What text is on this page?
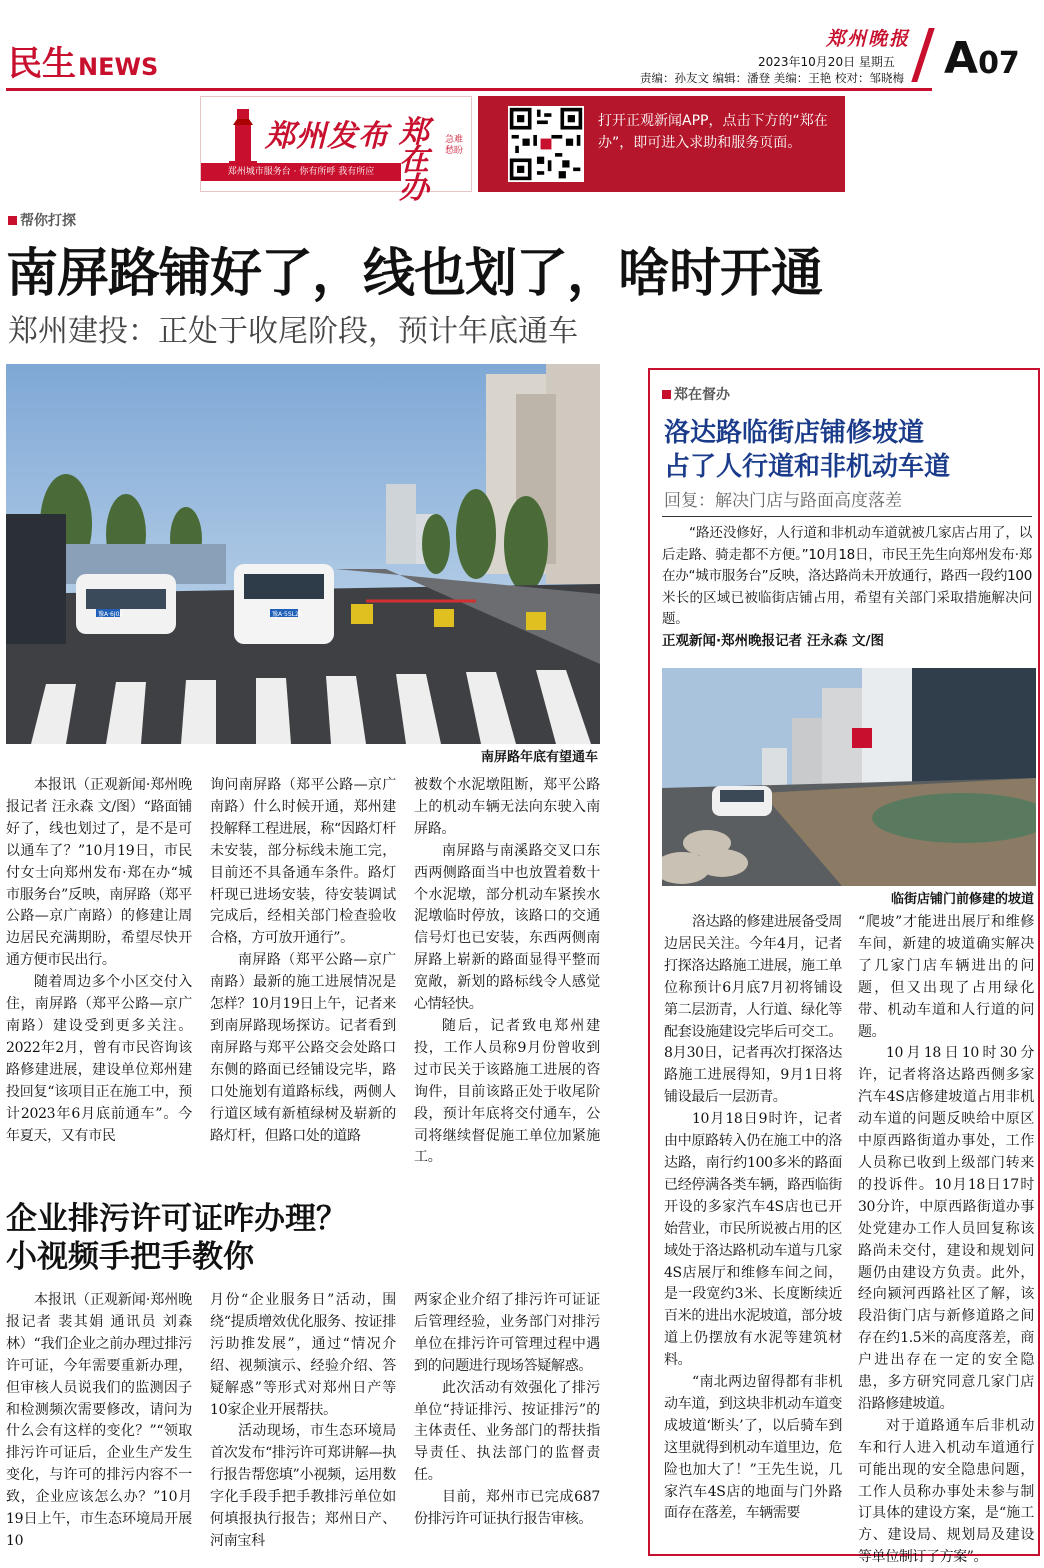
民生NEWS
郑州晚报
2023年10月20日 星期五
责编：孙友文 编辑：潘登 美编：王艳 校对：邹晓梅 A07
郑州发布
郑州城市服务台 · 你有所呼 我有所应
郑在办
急难愁盼
打开正观新闻APP，点击下方的“郑在办”，即可进入求助和服务页面。
帮你打探
南屏路铺好了，线也划了，啥时开通
郑州建投：正处于收尾阶段，预计年底通车
豫A·6J0Z	豫A·5SL29
南屏路年底有望通车

本报讯（正观新闻·郑州晚报记者 汪永森 文/图）“路面铺好了，线也划过了，是不是可以通车了？”10月19日，市民付女士向郑州发布·郑在办“城市服务台”反映，南屏路（郑平公路—京广南路）的修建让周边居民充满期盼，希望尽快开通方便市民出行。

随着周边多个小区交付入住，南屏路（郑平公路—京广南路）建设受到更多关注。2022年2月，曾有市民咨询该路修建进展，建设单位郑州建投回复“该项目正在施工中，预计2023年6月底前通车”。今年夏天，又有市民

询问南屏路（郑平公路—京广南路）什么时候开通，郑州建投解释工程进展，称“因路灯杆未安装，部分标线未施工完，目前还不具备通车条件。路灯杆现已进场安装，待安装调试完成后，经相关部门检查验收合格，方可放开通行”。

南屏路（郑平公路—京广南路）最新的施工进展情况是怎样？10月19日上午，记者来到南屏路现场探访。记者看到南屏路与郑平公路交会处路口东侧的路面已经铺设完毕，路口处施划有道路标线，两侧人行道区域有新植绿树及崭新的路灯杆，但路口处的道路

被数个水泥墩阻断，郑平公路上的机动车辆无法向东驶入南屏路。

南屏路与南溪路交叉口东西两侧路面当中也放置着数十个水泥墩，部分机动车紧挨水泥墩临时停放，该路口的交通信号灯也已安装，东西两侧南屏路上崭新的路面显得平整而宽敞，新划的路标线令人感觉心情轻快。

随后，记者致电郑州建投，工作人员称9月份曾收到过市民关于该路施工进展的咨询件，目前该路正处于收尾阶段，预计年底将交付通车，公司将继续督促施工单位加紧施工。

企业排污许可证咋办理？
小视频手把手教你

本报讯（正观新闻·郑州晚报记者 裴其娟 通讯员 刘森林）“我们企业之前办理过排污许可证，今年需要重新办理，但审核人员说我们的监测因子和检测频次需要修改，请问为什么会有这样的变化？”“领取排污许可证后，企业生产发生变化，与许可的排污内容不一致，企业应该怎么办？”10月19日上午，市生态环境局开展10

月份“企业服务日”活动，围绕“提质增效优化服务、按证排污助推发展”，通过“情况介绍、视频演示、经验介绍、答疑解惑”等形式对郑州日产等10家企业开展帮扶。

活动现场，市生态环境局首次发布“排污许可郑讲解—执行报告帮您填”小视频，运用数字化手段手把手教排污单位如何填报执行报告；郑州日产、河南宝科

两家企业介绍了排污许可证证后管理经验，业务部门对排污单位在排污许可管理过程中遇到的问题进行现场答疑解惑。

此次活动有效强化了排污单位“持证排污、按证排污”的主体责任、业务部门的帮扶指导责任、执法部门的监督责任。

目前，郑州市已完成687份排污许可证执行报告审核。

郑在督办
洛达路临街店铺修坡道
占了人行道和非机动车道
回复：解决门店与路面高度落差
“路还没修好，人行道和非机动车道就被几家店占用了，以后走路、骑走都不方便。”10月18日，市民王先生向郑州发布·郑在办“城市服务台”反映，洛达路尚未开放通行，路西一段约100米长的区域已被临街店铺占用，希望有关部门采取措施解决问题。
正观新闻·郑州晚报记者 汪永森 文/图
临街店铺门前修建的坡道

洛达路的修建进展备受周边居民关注。今年4月，记者打探洛达路施工进展，施工单位称预计6月底7月初将铺设第二层沥青，人行道、绿化等配套设施建设完毕后可交工。8月30日，记者再次打探洛达路施工进展得知，9月1日将铺设最后一层沥青。

10月18日9时许，记者由中原路转入仍在施工中的洛达路，南行约100多米的路面已经停满各类车辆，路西临街开设的多家汽车4S店也已开始营业，市民所说被占用的区域处于洛达路机动车道与几家4S店展厅和维修车间之间，是一段宽约3米、长度断续近百米的进出水泥坡道，部分坡道上仍摆放有水泥等建筑材料。

“南北两边留得都有非机动车道，到这块非机动车道变成坡道‘断头’了，以后骑车到这里就得到机动车道里边，危险也加大了！”王先生说，几家汽车4S店的地面与门外路面存在落差，车辆需要

“爬坡”才能进出展厅和维修车间，新建的坡道确实解决了几家门店车辆进出的问题，但又出现了占用绿化带、机动车道和人行道的问题。

10月18日10时30分许，记者将洛达路西侧多家汽车4S店修建坡道占用非机动车道的问题反映给中原区中原西路街道办事处，工作人员称已收到上级部门转来的投诉件。10月18日17时30分许，中原西路街道办事处党建办工作人员回复称该路尚未交付，建设和规划问题仍由建设方负责。此外，经向颍河西路社区了解，该段沿街门店与新修道路之间存在约1.5米的高度落差，商户进出存在一定的安全隐患，多方研究同意几家门店沿路修建坡道。

对于道路通车后非机动车和行人进入机动车道通行可能出现的安全隐患问题，工作人员称办事处未参与制订具体的建设方案，是“施工方、建设局、规划局及建设等单位制订了方案”。
